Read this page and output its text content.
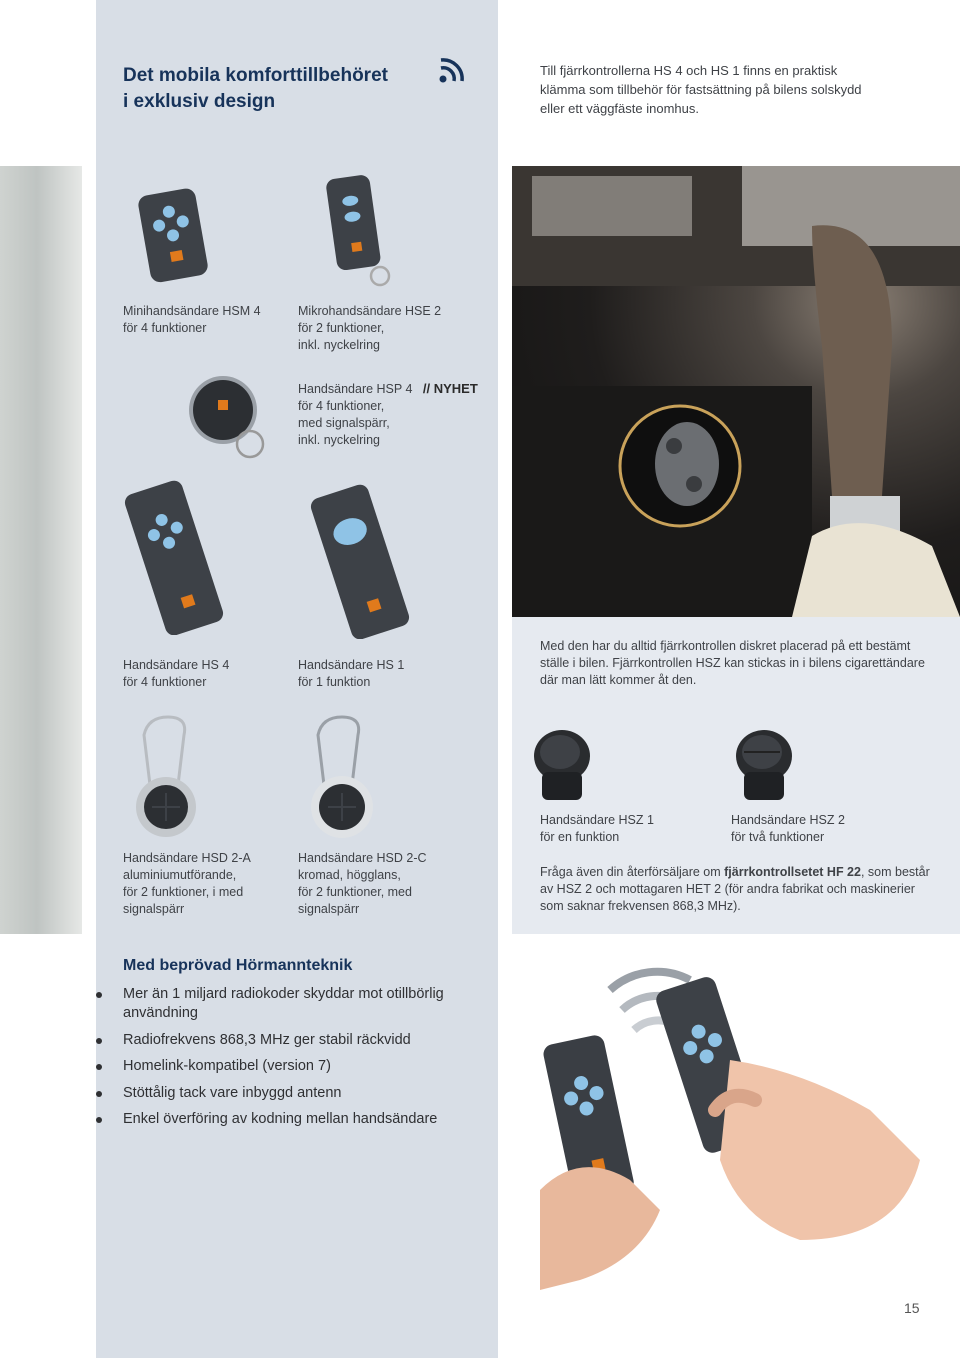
Det mobila komforttillbehöret
i exklusiv design
Till fjärrkontrollerna HS 4 och HS 1 finns en praktisk
klämma som tillbehör för fastsättning på bilens solskydd
eller ett väggfäste inomhus.
Minihandsändare HSM 4
för 4 funktioner
Mikrohandsändare HSE 2
för 2 funktioner,
inkl. nyckelring
Handsändare HSP 4 // NYHET
för 4 funktioner,
med signalspärr,
inkl. nyckelring
Handsändare HS 4
för 4 funktioner
Handsändare HS 1
för 1 funktion
Handsändare HSD 2-A
aluminiumutförande,
för 2 funktioner, i med
signalspärr
Handsändare HSD 2-C
kromad, högglans,
för 2 funktioner, med
signalspärr
Med den har du alltid fjärrkontrollen diskret placerad på ett bestämt
ställe i bilen. Fjärrkontrollen HSZ kan stickas in i bilens cigarettändare
där man lätt kommer åt den.
Handsändare HSZ 1
för en funktion
Handsändare HSZ 2
för två funktioner
Fråga även din återförsäljare om fjärrkontrollsetet HF 22, som består
av HSZ 2 och mottagaren HET 2 (för andra fabrikat och maskinerier
som saknar frekvensen 868,3 MHz).
Med beprövad Hörmannteknik
Mer än 1 miljard radiokoder skyddar mot otillbörlig
användning
Radiofrekvens 868,3 MHz ger stabil räckvidd
Homelink-kompatibel (version 7)
Stöttålig tack vare inbyggd antenn
Enkel överföring av kodning mellan handsändare
15
